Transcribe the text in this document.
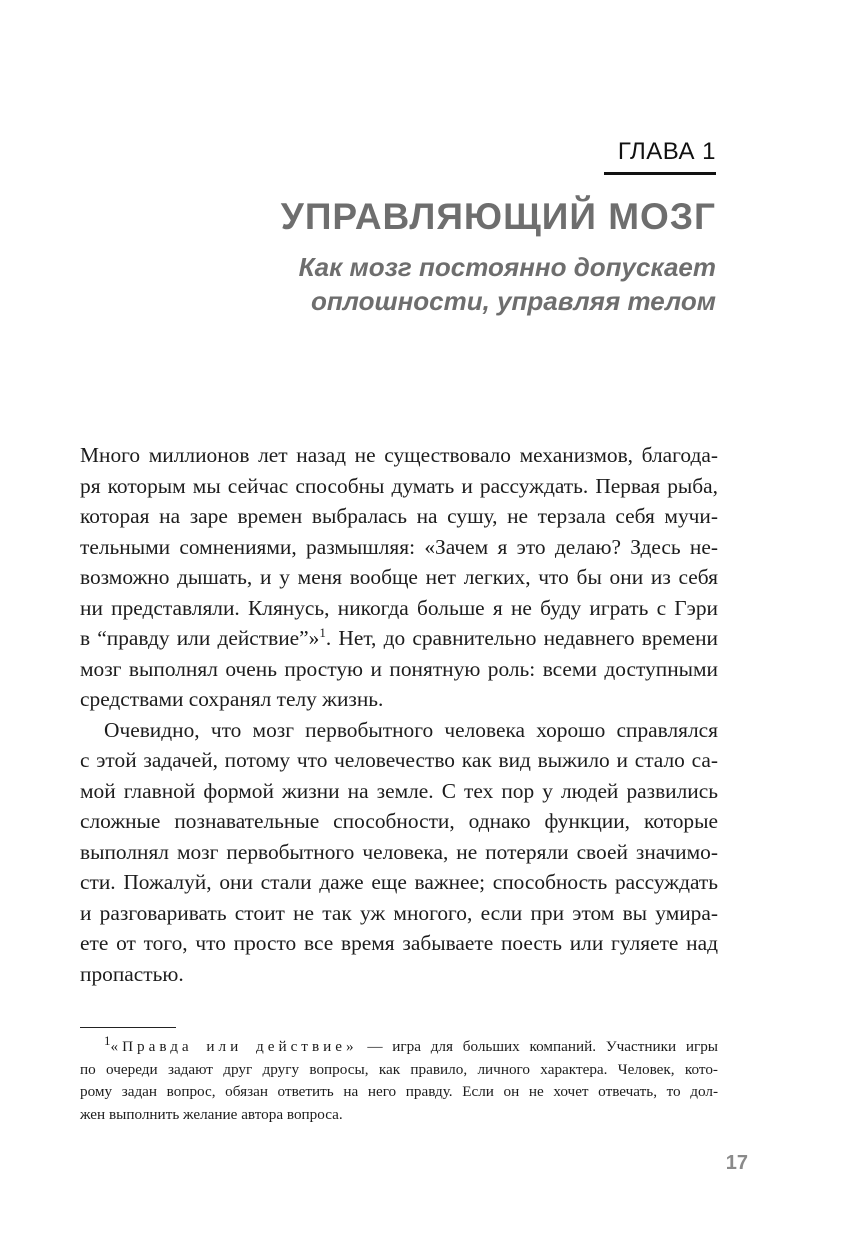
ГЛАВА 1
УПРАВЛЯЮЩИЙ МОЗГ
Как мозг постоянно допускает
оплошности, управляя телом
Много миллионов лет назад не существовало механизмов, благода-
ря которым мы сейчас способны думать и рассуждать. Первая рыба,
которая на заре времен выбралась на сушу, не терзала себя мучи-
тельными сомнениями, размышляя: «Зачем я это делаю? Здесь не-
возможно дышать, и у меня вообще нет легких, что бы они из себя
ни представляли. Клянусь, никогда больше я не буду играть с Гэри
в “правду или действие”»$^1$. Нет, до сравнительно недавнего времени
мозг выполнял очень простую и понятную роль: всеми доступными
средствами сохранял телу жизнь.
Очевидно, что мозг первобытного человека хорошо справлялся
с этой задачей, потому что человечество как вид выжило и стало са-
мой главной формой жизни на земле. С тех пор у людей развились
сложные познавательные способности, однако функции, которые
выполнял мозг первобытного человека, не потеряли своей значимо-
сти. Пожалуй, они стали даже еще важнее; способность рассуждать
и разговаривать стоит не так уж многого, если при этом вы умира-
ете от того, что просто все время забываете поесть или гуляете над
пропастью.
$^1$«Правда или действие» — игра для больших компаний. Участники игры
по очереди задают друг другу вопросы, как правило, личного характера. Человек, кото-
рому задан вопрос, обязан ответить на него правду. Если он не хочет отвечать, то дол-
жен выполнить желание автора вопроса.
17
